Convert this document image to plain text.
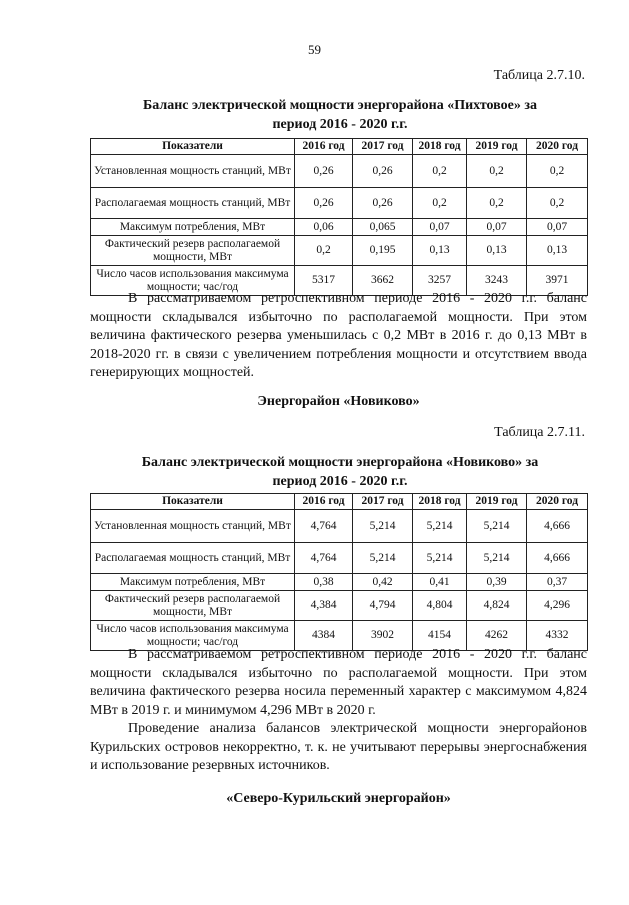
59
Таблица 2.7.10.
Баланс электрической мощности энергорайона «Пихтовое» за
период 2016 - 2020 г.г.
Показатели	2016 год	2017 год	2018 год	2019 год	2020 год
Установленная мощность станций, МВт	0,26	0,26	0,2	0,2	0,2
Располагаемая мощность станций, МВт	0,26	0,26	0,2	0,2	0,2
Максимум потребления, МВт	0,06	0,065	0,07	0,07	0,07
Фактический резерв располагаемой мощности, МВт	0,2	0,195	0,13	0,13	0,13
Число часов использования максимума мощности; час/год	5317	3662	3257	3243	3971

В рассматриваемом ретроспективном периоде 2016 - 2020 г.г. баланс мощности складывался избыточно по располагаемой мощности. При этом величина фактического резерва уменьшилась с 0,2 МВт в 2016 г. до 0,13 МВт в 2018-2020 гг. в связи с увеличением потребления мощности и отсутствием ввода генерирующих мощностей.

Энергорайон «Новиково»
Таблица 2.7.11.
Баланс электрической мощности энергорайона «Новиково» за
период 2016 - 2020 г.г.
Показатели	2016 год	2017 год	2018 год	2019 год	2020 год
Установленная мощность станций, МВт	4,764	5,214	5,214	5,214	4,666
Располагаемая мощность станций, МВт	4,764	5,214	5,214	5,214	4,666
Максимум потребления, МВт	0,38	0,42	0,41	0,39	0,37
Фактический резерв располагаемой мощности, МВт	4,384	4,794	4,804	4,824	4,296
Число часов использования максимума мощности; час/год	4384	3902	4154	4262	4332

В рассматриваемом ретроспективном периоде 2016 - 2020 г.г. баланс мощности складывался избыточно по располагаемой мощности. При этом величина фактического резерва носила переменный характер с максимумом 4,824 МВт в 2019 г. и минимумом 4,296 МВт в 2020 г.

Проведение анализа балансов электрической мощности энергорайонов Курильских островов некорректно, т. к. не учитывают перерывы энергоснабжения и использование резервных источников.

«Северо-Курильский энергорайон»
